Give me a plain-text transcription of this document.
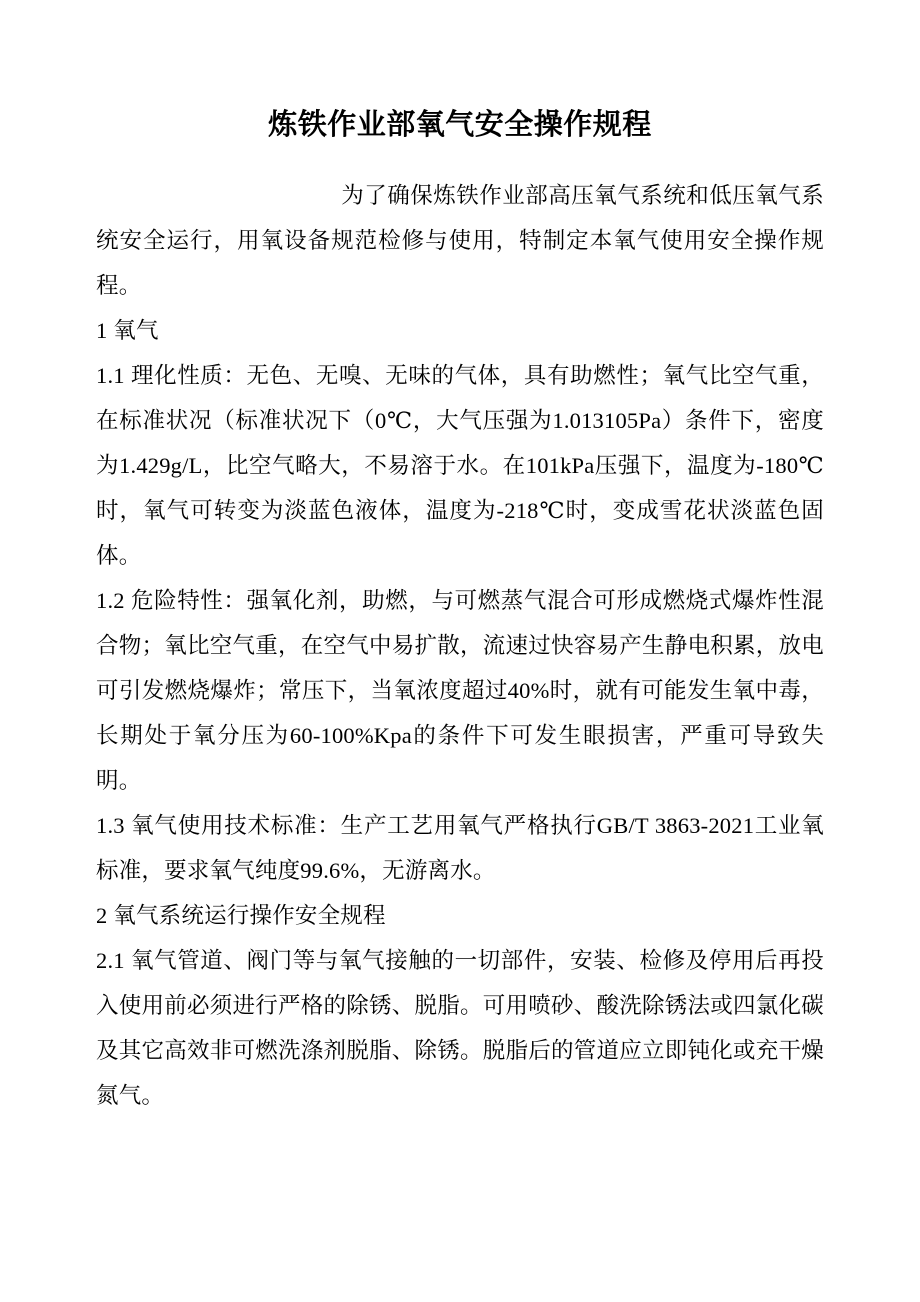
炼铁作业部氧气安全操作规程

为了确保炼铁作业部高压氧气系统和低压氧气系统安全运行，用氧设备规范检修与使用，特制定本氧气使用安全操作规程。

1 氧气

1.1 理化性质：无色、无嗅、无味的气体，具有助燃性；氧气比空气重，在标准状况（标准状况下（0℃，大气压强为1.013105Pa）条件下，密度为1.429g/L，比空气略大，不易溶于水。在101kPa压强下，温度为-180℃时，氧气可转变为淡蓝色液体，温度为-218℃时，变成雪花状淡蓝色固体。

1.2 危险特性：强氧化剂，助燃，与可燃蒸气混合可形成燃烧式爆炸性混合物；氧比空气重，在空气中易扩散，流速过快容易产生静电积累，放电可引发燃烧爆炸；常压下，当氧浓度超过40%时，就有可能发生氧中毒，长期处于氧分压为60-100%Kpa的条件下可发生眼损害，严重可导致失明。

1.3 氧气使用技术标准：生产工艺用氧气严格执行GB/T 3863-2021工业氧标准，要求氧气纯度99.6%，无游离水。

2 氧气系统运行操作安全规程

2.1 氧气管道、阀门等与氧气接触的一切部件，安装、检修及停用后再投入使用前必须进行严格的除锈、脱脂。可用喷砂、酸洗除锈法或四氯化碳及其它高效非可燃洗涤剂脱脂、除锈。脱脂后的管道应立即钝化或充干燥氮气。
